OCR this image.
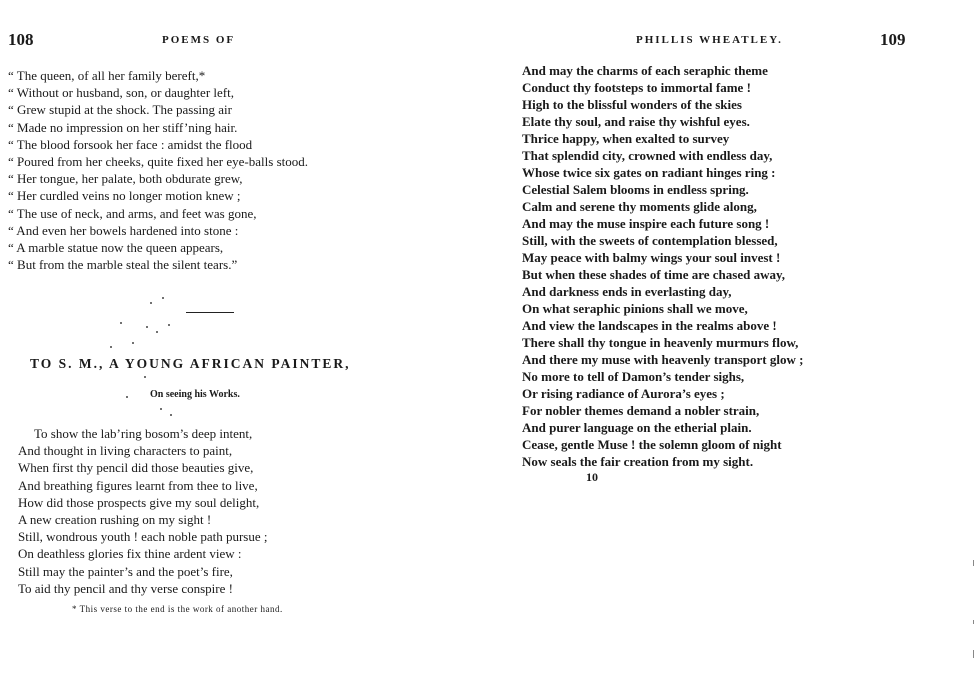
108	POEMS OF
“ The queen, of all her family bereft,*
“ Without or husband, son, or daughter left,
“ Grew stupid at the shock. The passing air
“ Made no impression on her stiff’ning hair.
“ The blood forsook her face : amidst the flood
“ Poured from her cheeks, quite fixed her eye-balls stood.
“ Her tongue, her palate, both obdurate grew,
“ Her curdled veins no longer motion knew ;
“ The use of neck, and arms, and feet was gone,
“ And even her bowels hardened into stone :
“ A marble statue now the queen appears,
“ But from the marble steal the silent tears.”
TO S. M., A YOUNG AFRICAN PAINTER,
On seeing his Works.
To show the lab’ring bosom’s deep intent,
And thought in living characters to paint,
When first thy pencil did those beauties give,
And breathing figures learnt from thee to live,
How did those prospects give my soul delight,
A new creation rushing on my sight !
Still, wondrous youth ! each noble path pursue ;
On deathless glories fix thine ardent view :
Still may the painter’s and the poet’s fire,
To aid thy pencil and thy verse conspire !
* This verse to the end is the work of another hand.
PHILLIS WHEATLEY.	109
And may the charms of each seraphic theme
Conduct thy footsteps to immortal fame !
High to the blissful wonders of the skies
Elate thy soul, and raise thy wishful eyes.
Thrice happy, when exalted to survey
That splendid city, crowned with endless day,
Whose twice six gates on radiant hinges ring :
Celestial Salem blooms in endless spring.
Calm and serene thy moments glide along,
And may the muse inspire each future song !
Still, with the sweets of contemplation blessed,
May peace with balmy wings your soul invest !
But when these shades of time are chased away,
And darkness ends in everlasting day,
On what seraphic pinions shall we move,
And view the landscapes in the realms above !
There shall thy tongue in heavenly murmurs flow,
And there my muse with heavenly transport glow ;
No more to tell of Damon’s tender sighs,
Or rising radiance of Aurora’s eyes ;
For nobler themes demand a nobler strain,
And purer language on the etherial plain.
Cease, gentle Muse ! the solemn gloom of night
Now seals the fair creation from my sight.
10
